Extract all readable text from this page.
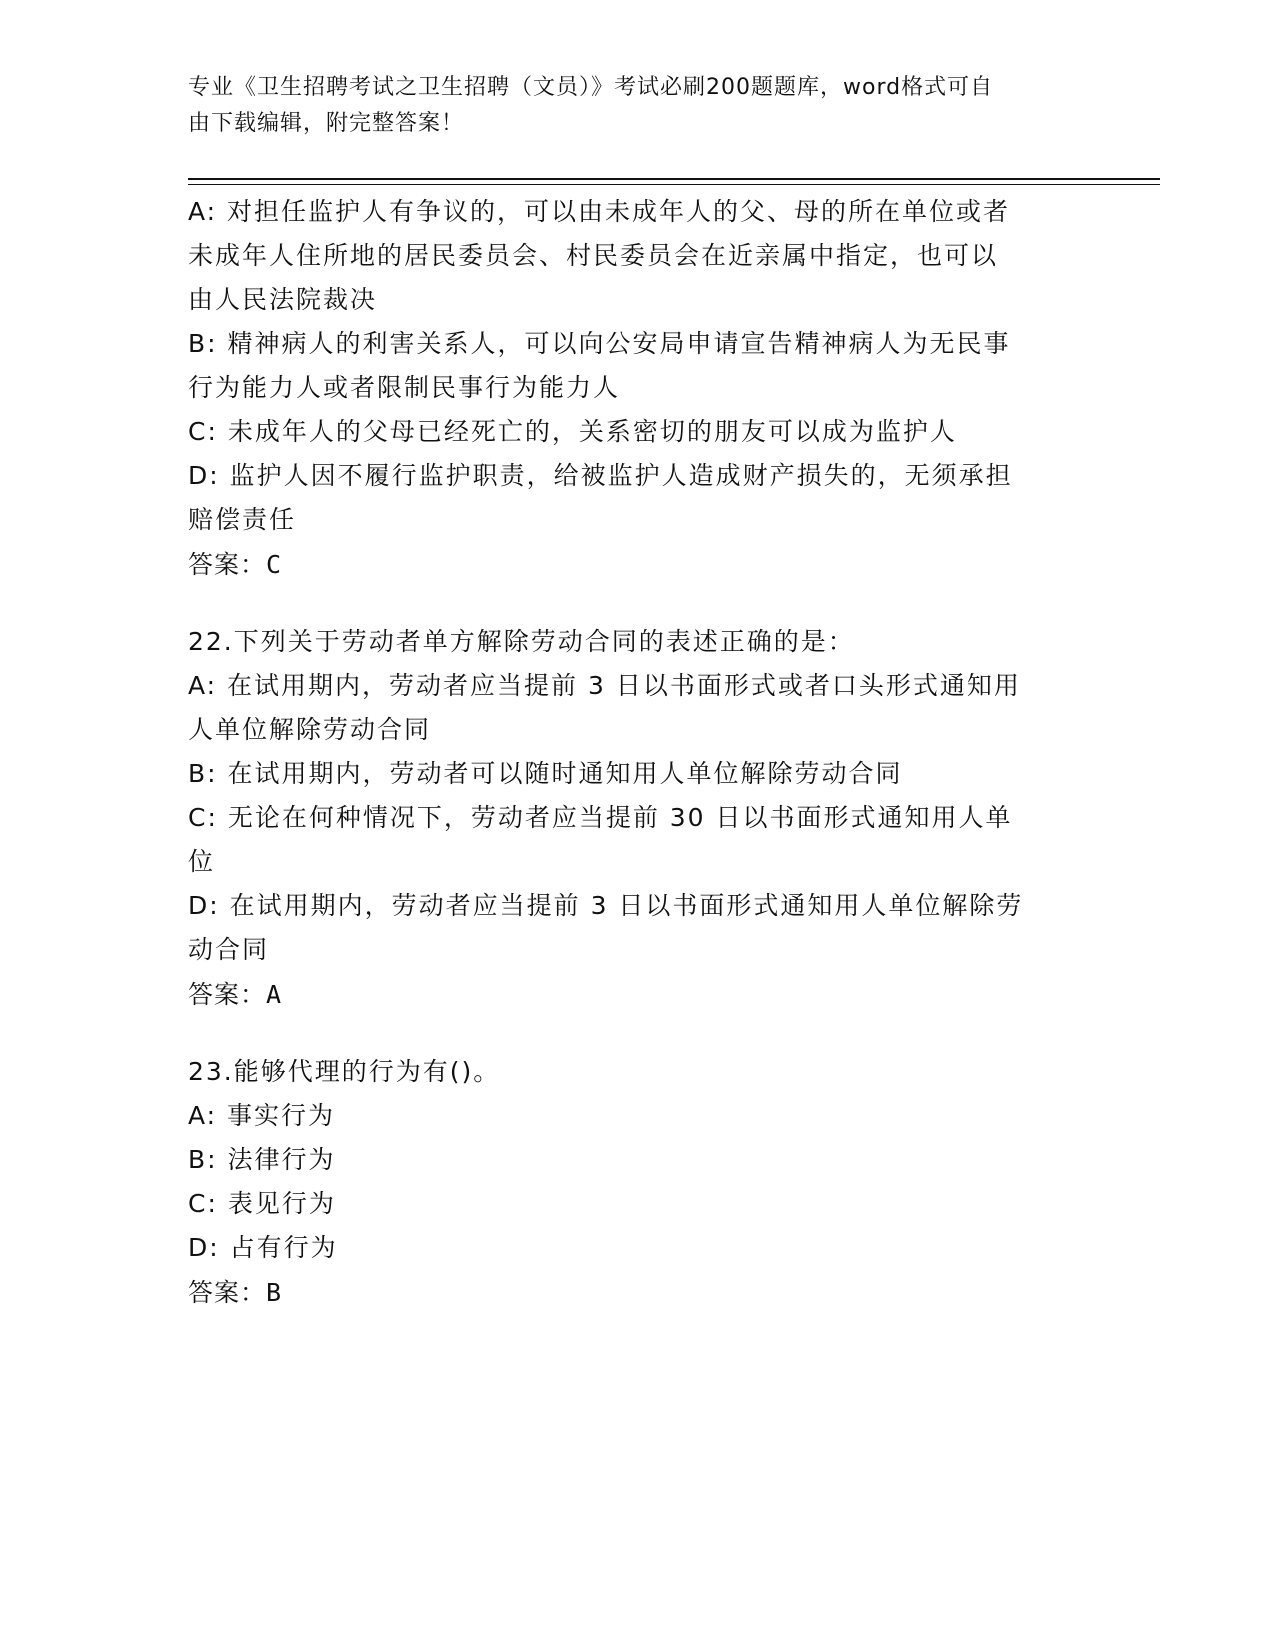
专业《卫生招聘考试之卫生招聘（文员）》考试必刷200题题库，word格式可自
由下载编辑，附完整答案！
A: 对担任监护人有争议的，可以由未成年人的父、母的所在单位或者
未成年人住所地的居民委员会、村民委员会在近亲属中指定，也可以
由人民法院裁决
B: 精神病人的利害关系人，可以向公安局申请宣告精神病人为无民事
行为能力人或者限制民事行为能力人
C: 未成年人的父母已经死亡的，关系密切的朋友可以成为监护人
D: 监护人因不履行监护职责，给被监护人造成财产损失的，无须承担
赔偿责任
答案：C
22.下列关于劳动者单方解除劳动合同的表述正确的是：
A: 在试用期内，劳动者应当提前 3 日以书面形式或者口头形式通知用
人单位解除劳动合同
B: 在试用期内，劳动者可以随时通知用人单位解除劳动合同
C: 无论在何种情况下，劳动者应当提前 30 日以书面形式通知用人单
位
D: 在试用期内，劳动者应当提前 3 日以书面形式通知用人单位解除劳
动合同
答案：A
23.能够代理的行为有()。
A: 事实行为
B: 法律行为
C: 表见行为
D: 占有行为
答案：B
